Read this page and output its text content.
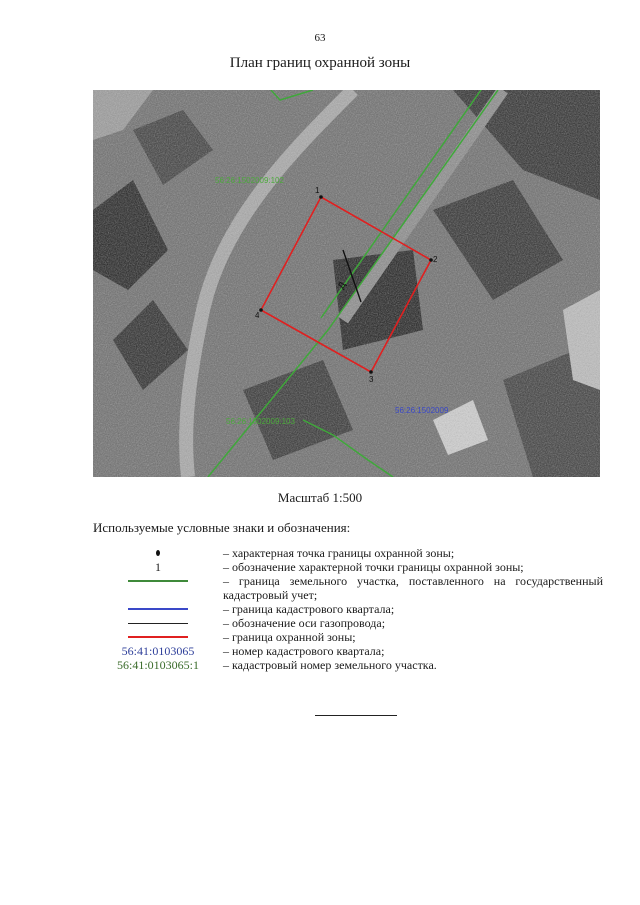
63
План границ охранной зоны
Д
1
2
3
4
56:26:1502009:102
56:26:1502009:103
56:26:1502009
Масштаб 1:500
Используемые условные знаки и обозначения:
– характерная точка границы охранной зоны;
1	– обозначение характерной точки границы охранной зоны;
– граница земельного участка, поставленного на государственный кадастровый учет;
– граница кадастрового квартала;
– обозначение оси газопровода;
– граница охранной зоны;
56:41:0103065	– номер кадастрового квартала;
56:41:0103065:1	– кадастровый номер земельного участка.
